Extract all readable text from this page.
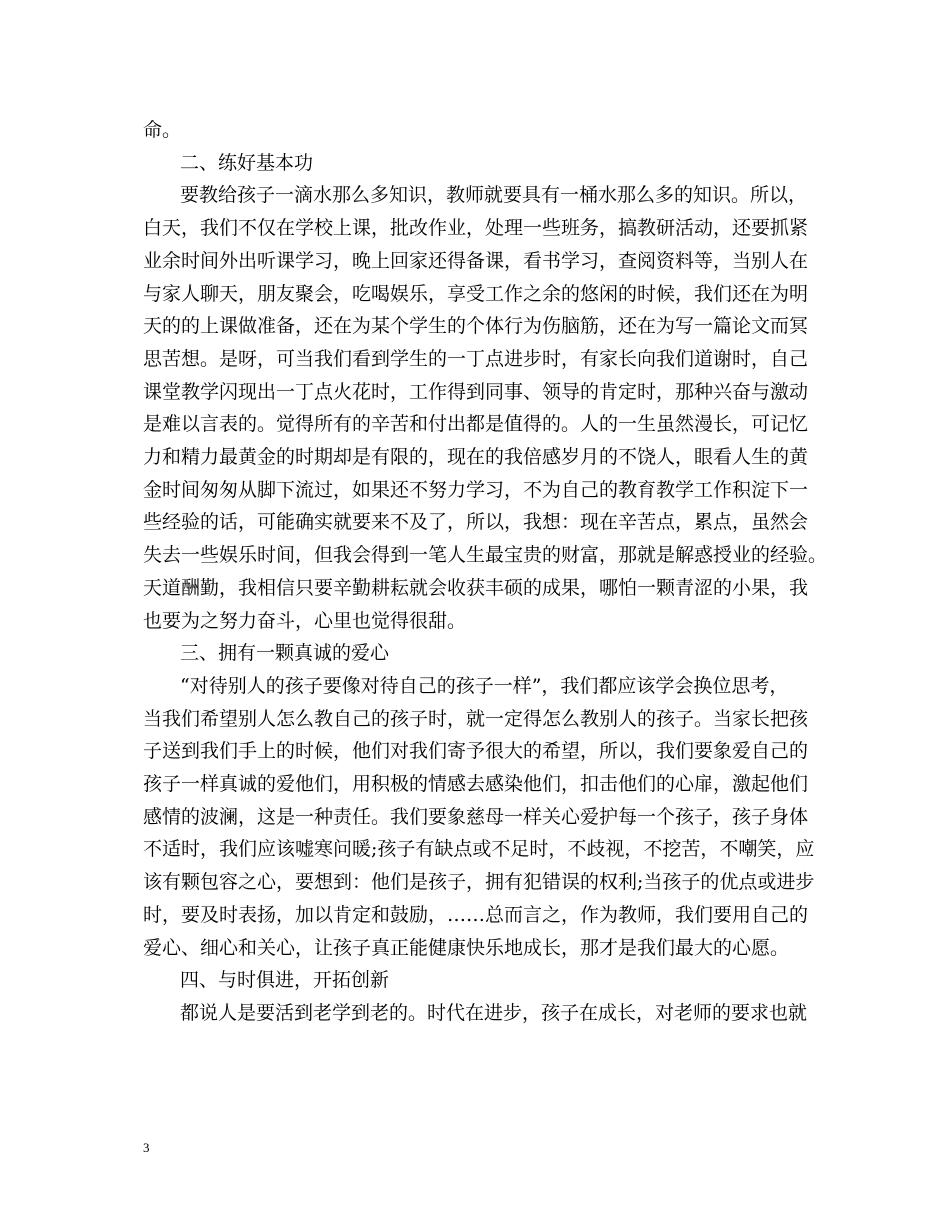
命。
二、练好基本功
要教给孩子一滴水那么多知识，教师就要具有一桶水那么多的知识。所以，
白天，我们不仅在学校上课，批改作业，处理一些班务，搞教研活动，还要抓紧
业余时间外出听课学习，晚上回家还得备课，看书学习，查阅资料等，当别人在
与家人聊天，朋友聚会，吃喝娱乐，享受工作之余的悠闲的时候，我们还在为明
天的的上课做准备，还在为某个学生的个体行为伤脑筋，还在为写一篇论文而冥
思苦想。是呀，可当我们看到学生的一丁点进步时，有家长向我们道谢时，自己
课堂教学闪现出一丁点火花时，工作得到同事、领导的肯定时，那种兴奋与激动
是难以言表的。觉得所有的辛苦和付出都是值得的。人的一生虽然漫长，可记忆
力和精力最黄金的时期却是有限的，现在的我倍感岁月的不饶人，眼看人生的黄
金时间匆匆从脚下流过，如果还不努力学习，不为自己的教育教学工作积淀下一
些经验的话，可能确实就要来不及了，所以，我想：现在辛苦点，累点，虽然会
失去一些娱乐时间，但我会得到一笔人生最宝贵的财富，那就是解惑授业的经验。
天道酬勤，我相信只要辛勤耕耘就会收获丰硕的成果，哪怕一颗青涩的小果，我
也要为之努力奋斗，心里也觉得很甜。
三、拥有一颗真诚的爱心
“对待别人的孩子要像对待自己的孩子一样”，我们都应该学会换位思考，
当我们希望别人怎么教自己的孩子时，就一定得怎么教别人的孩子。当家长把孩
子送到我们手上的时候，他们对我们寄予很大的希望，所以，我们要象爱自己的
孩子一样真诚的爱他们，用积极的情感去感染他们，扣击他们的心扉，激起他们
感情的波澜，这是一种责任。我们要象慈母一样关心爱护每一个孩子，孩子身体
不适时，我们应该嘘寒问暖;孩子有缺点或不足时，不歧视，不挖苦，不嘲笑，应
该有颗包容之心，要想到：他们是孩子，拥有犯错误的权利;当孩子的优点或进步
时，要及时表扬，加以肯定和鼓励，……总而言之，作为教师，我们要用自己的
爱心、细心和关心，让孩子真正能健康快乐地成长，那才是我们最大的心愿。
四、与时俱进，开拓创新
都说人是要活到老学到老的。时代在进步，孩子在成长，对老师的要求也就
3
